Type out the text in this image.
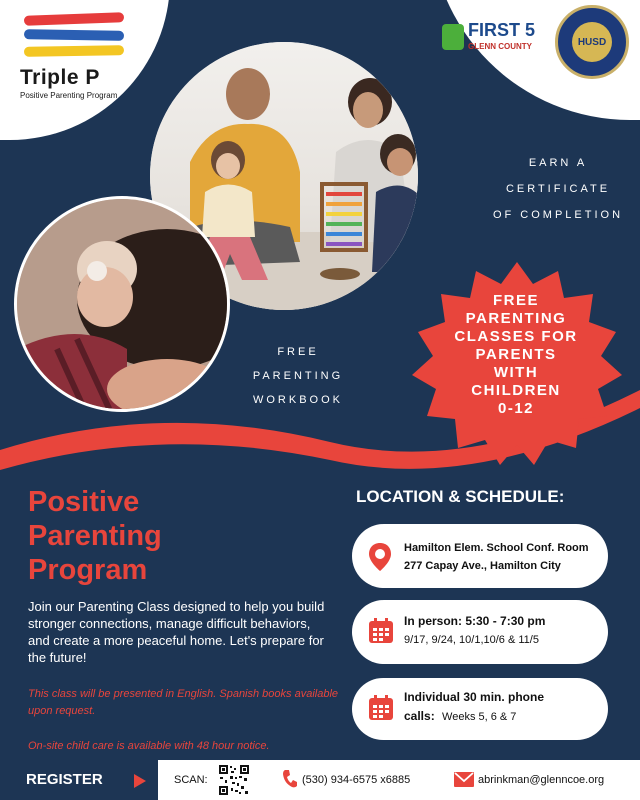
Triple P
Positive Parenting Program
FIRST 5
GLENN COUNTY	HUSD
EARN A
CERTIFICATE
OF COMPLETION
FREE
PARENTING
WORKBOOK
FREE
PARENTING
CLASSES FOR
PARENTS
WITH
CHILDREN
0-12
Positive
Parenting
Program
Join our Parenting Class designed to help you build stronger connections, manage difficult behaviors, and create a more peaceful home. Let's prepare for the future!
This class will be presented in English. Spanish books available upon request.
On-site child care is available with 48 hour notice.
LOCATION & SCHEDULE:
Hamilton Elem. School Conf. Room
277 Capay Ave., Hamilton City
In person: 5:30 - 7:30 pm
9/17, 9/24, 10/1,10/6 & 11/5
Individual 30 min. phone
calls: Weeks 5, 6 & 7
REGISTER	SCAN:	(530) 934-6575 x6885	abrinkman@glenncoe.org
